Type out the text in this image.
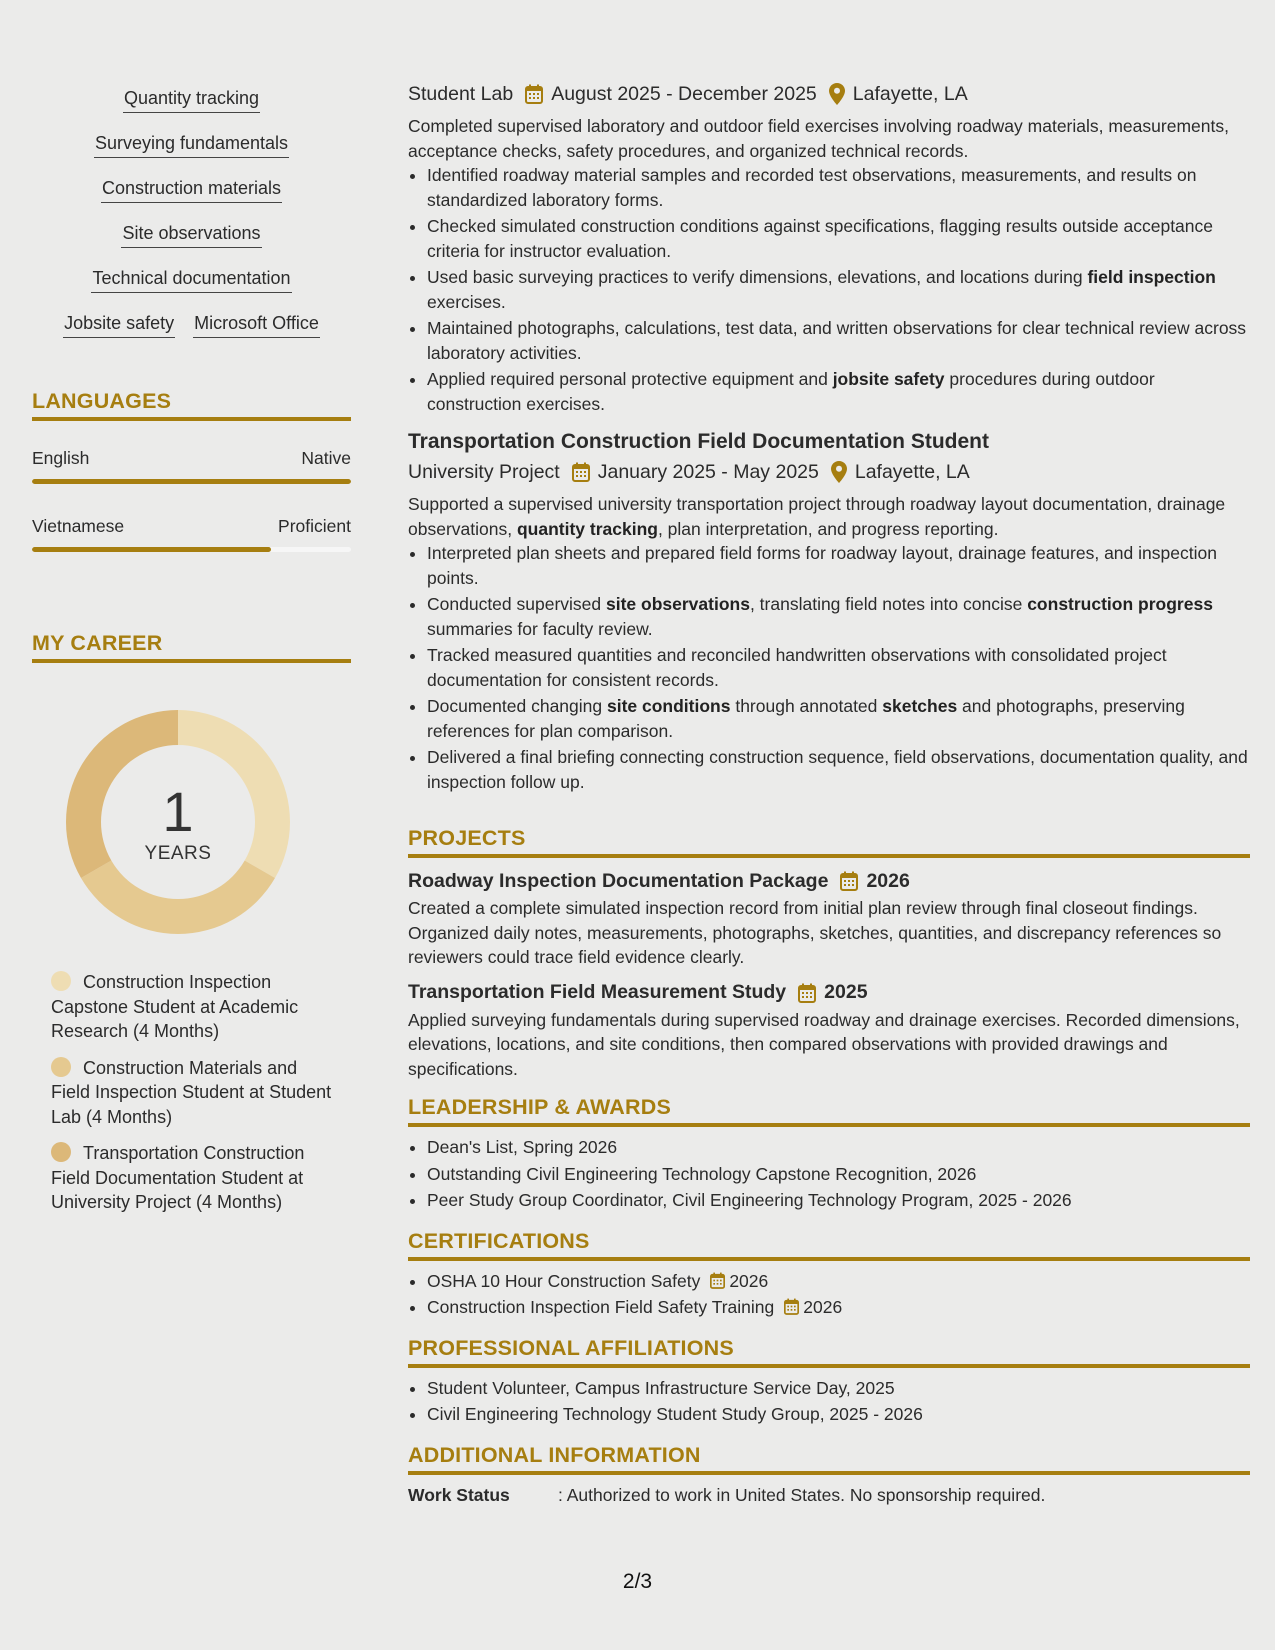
Quantity tracking
Surveying fundamentals
Construction materials
Site observations
Technical documentation
Jobsite safety Microsoft Office
LANGUAGES
English	Native
Vietnamese	Proficient
MY CAREER
1
YEARS
Construction Inspection Capstone Student at Academic Research (4 Months)
Construction Materials and Field Inspection Student at Student Lab (4 Months)
Transportation Construction Field Documentation Student at University Project (4 Months)
Student Lab August 2025 - December 2025 Lafayette, LA

Completed supervised laboratory and outdoor field exercises involving roadway materials, measurements, acceptance checks, safety procedures, and organized technical records.

• Identified roadway material samples and recorded test observations, measurements, and results on standardized laboratory forms.
• Checked simulated construction conditions against specifications, flagging results outside acceptance criteria for instructor evaluation.
• Used basic surveying practices to verify dimensions, elevations, and locations during field inspection exercises.
• Maintained photographs, calculations, test data, and written observations for clear technical review across laboratory activities.
• Applied required personal protective equipment and jobsite safety procedures during outdoor construction exercises.
Transportation Construction Field Documentation Student
University Project January 2025 - May 2025 Lafayette, LA

Supported a supervised university transportation project through roadway layout documentation, drainage observations, quantity tracking, plan interpretation, and progress reporting.

• Interpreted plan sheets and prepared field forms for roadway layout, drainage features, and inspection points.
• Conducted supervised site observations, translating field notes into concise construction progress summaries for faculty review.
• Tracked measured quantities and reconciled handwritten observations with consolidated project documentation for consistent records.
• Documented changing site conditions through annotated sketches and photographs, preserving references for plan comparison.
• Delivered a final briefing connecting construction sequence, field observations, documentation quality, and inspection follow up.
PROJECTS
Roadway Inspection Documentation Package 2026

Created a complete simulated inspection record from initial plan review through final closeout findings. Organized daily notes, measurements, photographs, sketches, quantities, and discrepancy references so reviewers could trace field evidence clearly.

Transportation Field Measurement Study 2025

Applied surveying fundamentals during supervised roadway and drainage exercises. Recorded dimensions, elevations, locations, and site conditions, then compared observations with provided drawings and specifications.

LEADERSHIP & AWARDS
• Dean's List, Spring 2026
• Outstanding Civil Engineering Technology Capstone Recognition, 2026
• Peer Study Group Coordinator, Civil Engineering Technology Program, 2025 - 2026
CERTIFICATIONS
• OSHA 10 Hour Construction Safety 2026
• Construction Inspection Field Safety Training 2026
PROFESSIONAL AFFILIATIONS
• Student Volunteer, Campus Infrastructure Service Day, 2025
• Civil Engineering Technology Student Study Group, 2025 - 2026
ADDITIONAL INFORMATION
Work Status	: Authorized to work in United States. No sponsorship required.
2/3
